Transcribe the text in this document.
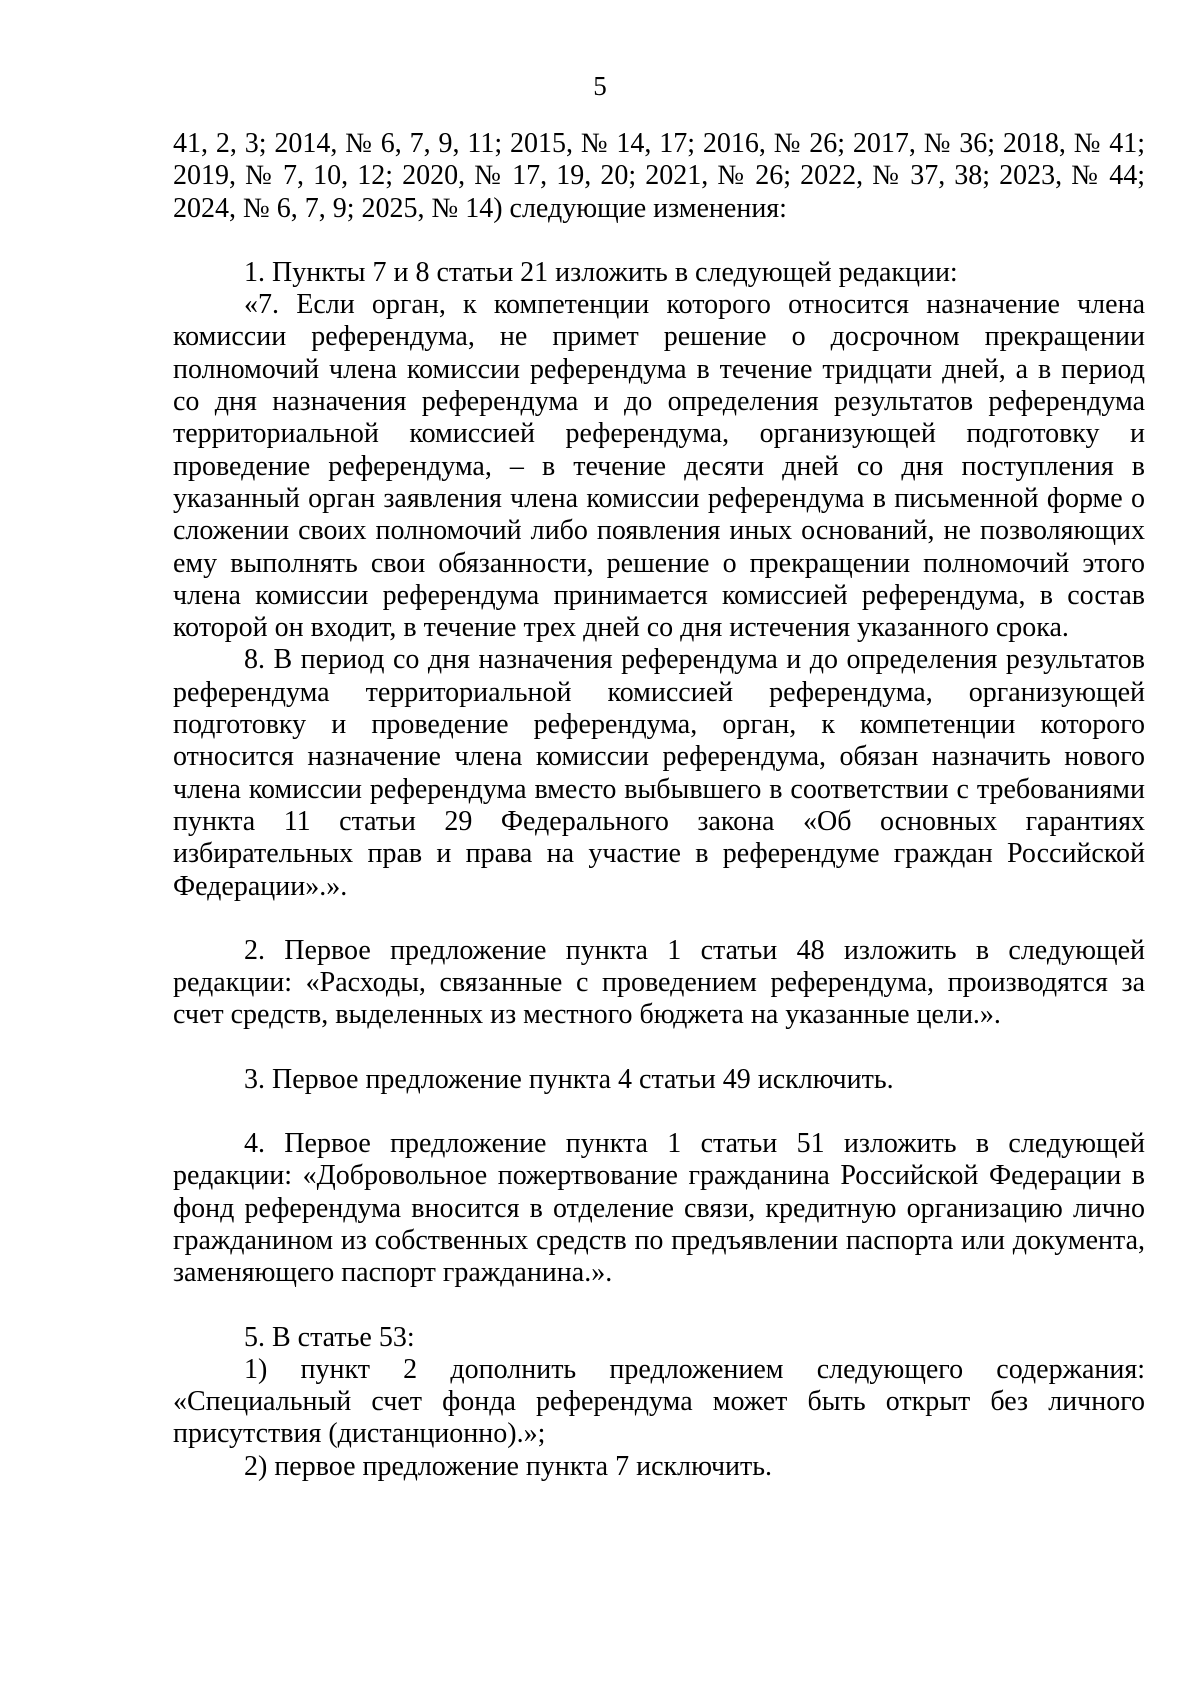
5

41, 2, 3; 2014, № 6, 7, 9, 11; 2015, № 14, 17; 2016, № 26; 2017, № 36; 2018, № 41; 2019, № 7, 10, 12; 2020, № 17, 19, 20; 2021, № 26; 2022, № 37, 38; 2023, № 44; 2024, № 6, 7, 9; 2025, № 14) следующие изменения:

1. Пункты 7 и 8 статьи 21 изложить в следующей редакции:

«7. Если орган, к компетенции которого относится назначение члена комиссии референдума, не примет решение о досрочном прекращении полномочий члена комиссии референдума в течение тридцати дней, а в период со дня назначения референдума и до определения результатов референдума территориальной комиссией референдума, организующей подготовку и проведение референдума, – в течение десяти дней со дня поступления в указанный орган заявления члена комиссии референдума в письменной форме о сложении своих полномочий либо появления иных оснований, не позволяющих ему выполнять свои обязанности, решение о прекращении полномочий этого члена комиссии референдума принимается комиссией референдума, в состав которой он входит, в течение трех дней со дня истечения указанного срока.

8. В период со дня назначения референдума и до определения результатов референдума территориальной комиссией референдума, организующей подготовку и проведение референдума, орган, к компетенции которого относится назначение члена комиссии референдума, обязан назначить нового члена комиссии референдума вместо выбывшего в соответствии с требованиями пункта 11 статьи 29 Федерального закона «Об основных гарантиях избирательных прав и права на участие в референдуме граждан Российской Федерации».».

2. Первое предложение пункта 1 статьи 48 изложить в следующей редакции: «Расходы, связанные с проведением референдума, производятся за счет средств, выделенных из местного бюджета на указанные цели.».

3. Первое предложение пункта 4 статьи 49 исключить.

4. Первое предложение пункта 1 статьи 51 изложить в следующей редакции: «Добровольное пожертвование гражданина Российской Федерации в фонд референдума вносится в отделение связи, кредитную организацию лично гражданином из собственных средств по предъявлении паспорта или документа, заменяющего паспорт гражданина.».

5. В статье 53:

1) пункт 2 дополнить предложением следующего содержания: «Специальный счет фонда референдума может быть открыт без личного присутствия (дистанционно).»;

2) первое предложение пункта 7 исключить.
